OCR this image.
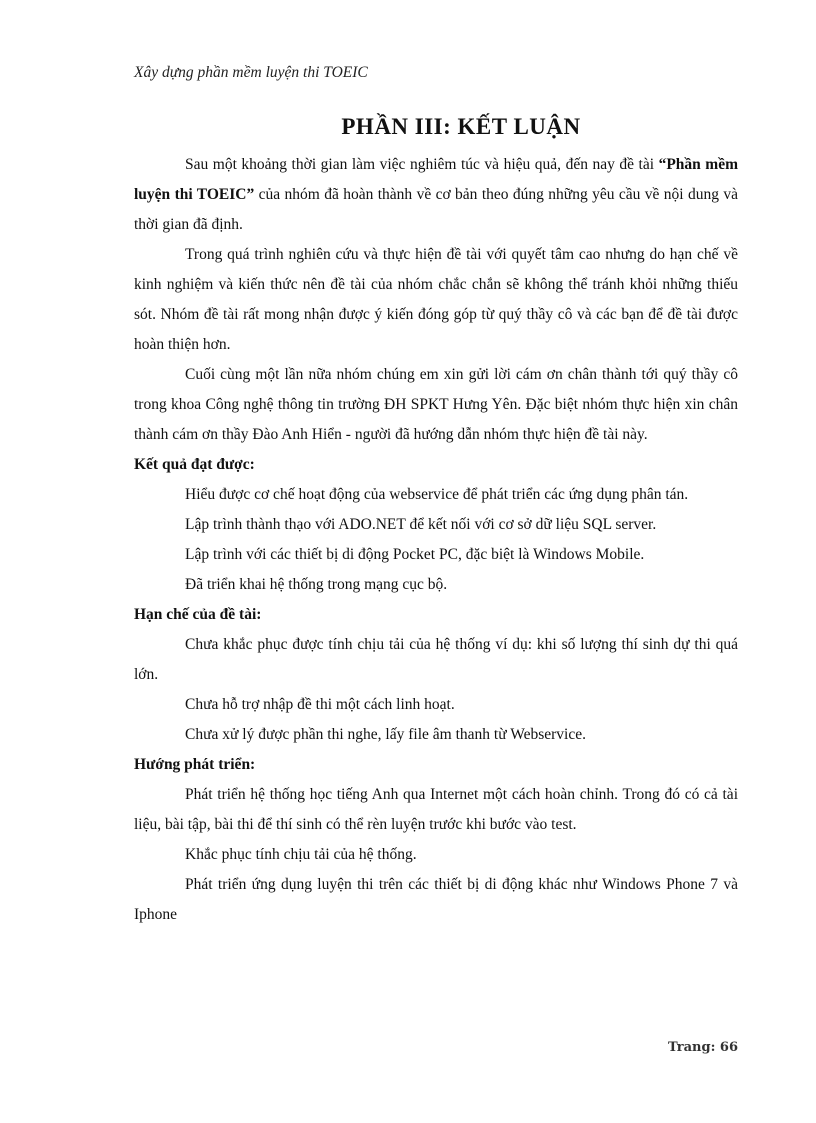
Xây dựng phần mềm luyện thi TOEIC
PHẦN III: KẾT LUẬN

Sau một khoảng thời gian làm việc nghiêm túc và hiệu quả, đến nay đề tài “Phần mềm luyện thi TOEIC” của nhóm đã hoàn thành về cơ bản theo đúng những yêu cầu về nội dung và thời gian đã định.

Trong quá trình nghiên cứu và thực hiện đề tài với quyết tâm cao nhưng do hạn chế về kinh nghiệm và kiến thức nên đề tài của nhóm chắc chắn sẽ không thể tránh khỏi những thiếu sót. Nhóm đề tài rất mong nhận được ý kiến đóng góp từ quý thầy cô và các bạn để đề tài được hoàn thiện hơn.

Cuối cùng một lần nữa nhóm chúng em xin gửi lời cám ơn chân thành tới quý thầy cô trong khoa Công nghệ thông tin trường ĐH SPKT Hưng Yên. Đặc biệt nhóm thực hiện xin chân thành cám ơn thầy Đào Anh Hiển - người đã hướng dẫn nhóm thực hiện đề tài này.

Kết quả đạt được:

Hiểu được cơ chế hoạt động của webservice để phát triển các ứng dụng phân tán.

Lập trình thành thạo với ADO.NET để kết nối với cơ sở dữ liệu SQL server.

Lập trình với các thiết bị di động Pocket PC, đặc biệt là Windows Mobile.

Đã triển khai hệ thống trong mạng cục bộ.

Hạn chế của đề tài:

Chưa khắc phục được tính chịu tải của hệ thống ví dụ: khi số lượng thí sinh dự thi quá lớn.

Chưa hỗ trợ nhập đề thi một cách linh hoạt.

Chưa xử lý được phần thi nghe, lấy file âm thanh từ Webservice.

Hướng phát triển:

Phát triển hệ thống học tiếng Anh qua Internet một cách hoàn chỉnh. Trong đó có cả tài liệu, bài tập, bài thi để thí sinh có thể rèn luyện trước khi bước vào test.

Khắc phục tính chịu tải của hệ thống.

Phát triển ứng dụng luyện thi trên các thiết bị di động khác như Windows Phone 7 và Iphone

Trang: 66
